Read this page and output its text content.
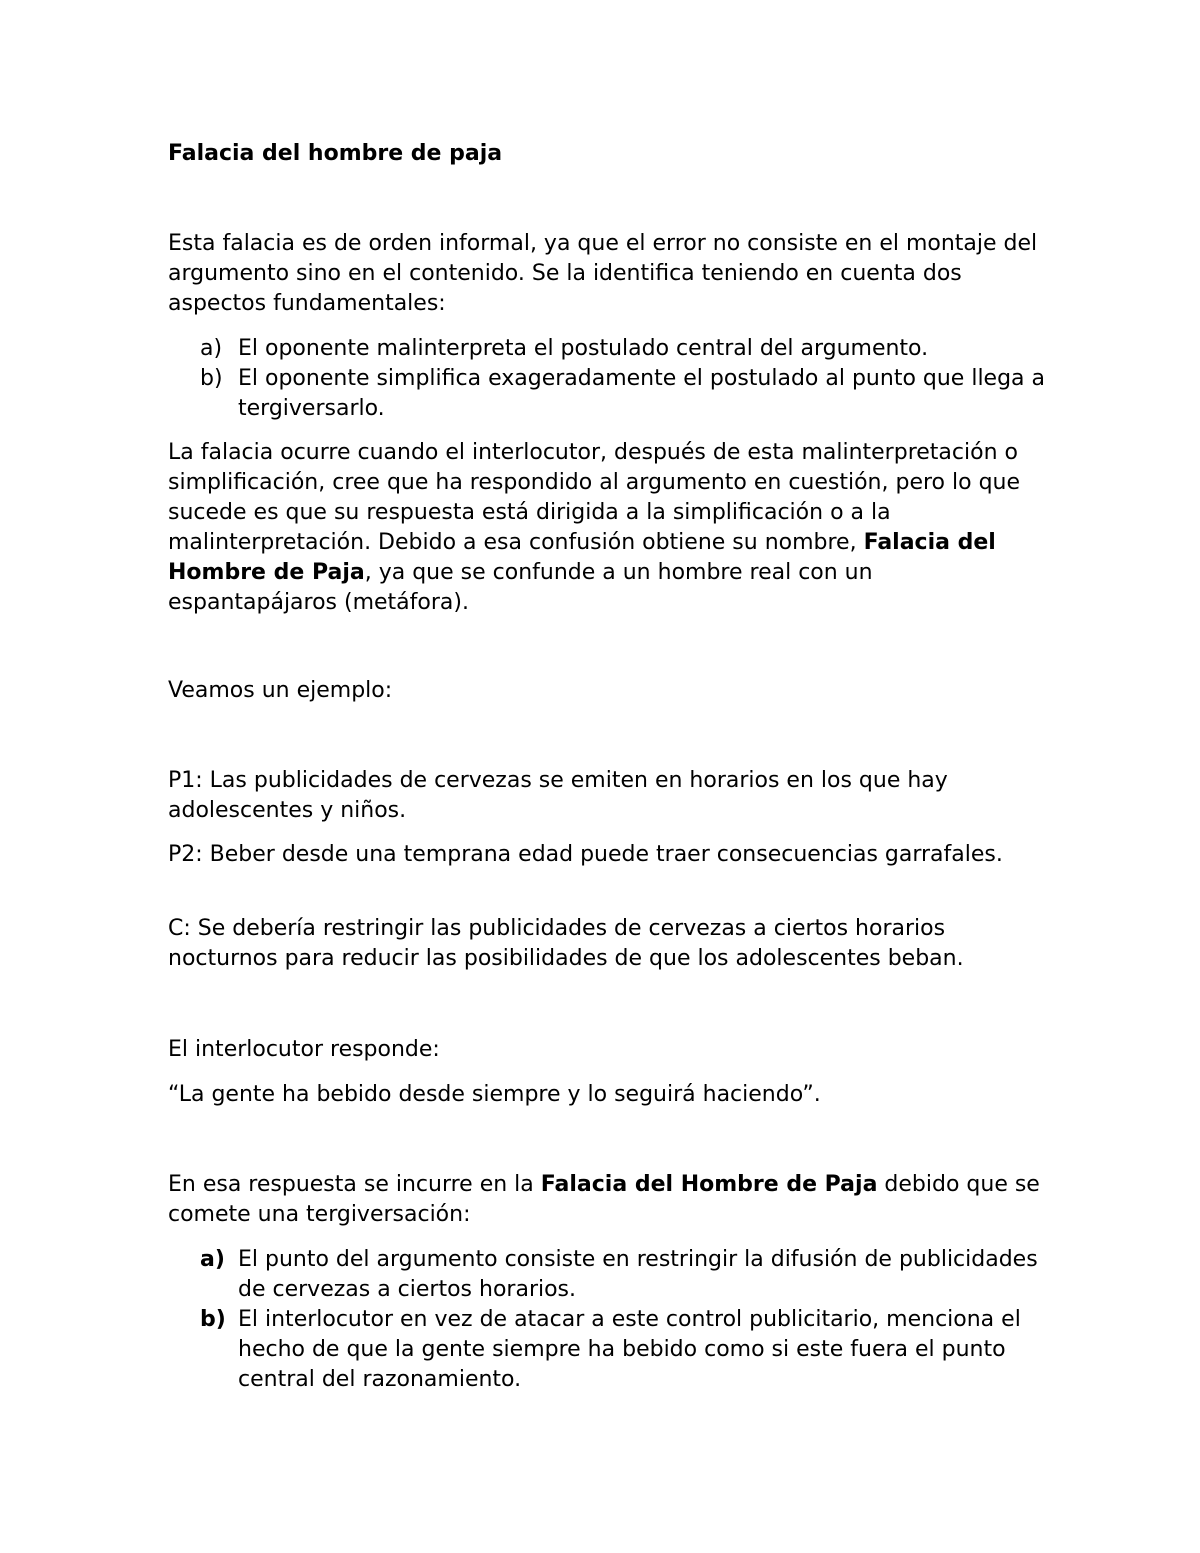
Falacia del hombre de paja

Esta falacia es de orden informal, ya que el error no consiste en el montaje del argumento sino en el contenido. Se la identifica teniendo en cuenta dos aspectos fundamentales:

a) El oponente malinterpreta el postulado central del argumento.
b) El oponente simplifica exageradamente el postulado al punto que llega a tergiversarlo.

La falacia ocurre cuando el interlocutor, después de esta malinterpretación o simplificación, cree que ha respondido al argumento en cuestión, pero lo que sucede es que su respuesta está dirigida a la simplificación o a la malinterpretación. Debido a esa confusión obtiene su nombre, Falacia del Hombre de Paja, ya que se confunde a un hombre real con un espantapájaros (metáfora).

Veamos un ejemplo:

P1: Las publicidades de cervezas se emiten en horarios en los que hay adolescentes y niños.

P2: Beber desde una temprana edad puede traer consecuencias garrafales.

C: Se debería restringir las publicidades de cervezas a ciertos horarios nocturnos para reducir las posibilidades de que los adolescentes beban.

El interlocutor responde:

“La gente ha bebido desde siempre y lo seguirá haciendo”.

En esa respuesta se incurre en la Falacia del Hombre de Paja debido que se comete una tergiversación:

a) El punto del argumento consiste en restringir la difusión de publicidades de cervezas a ciertos horarios.
b) El interlocutor en vez de atacar a este control publicitario, menciona el hecho de que la gente siempre ha bebido como si este fuera el punto central del razonamiento.
